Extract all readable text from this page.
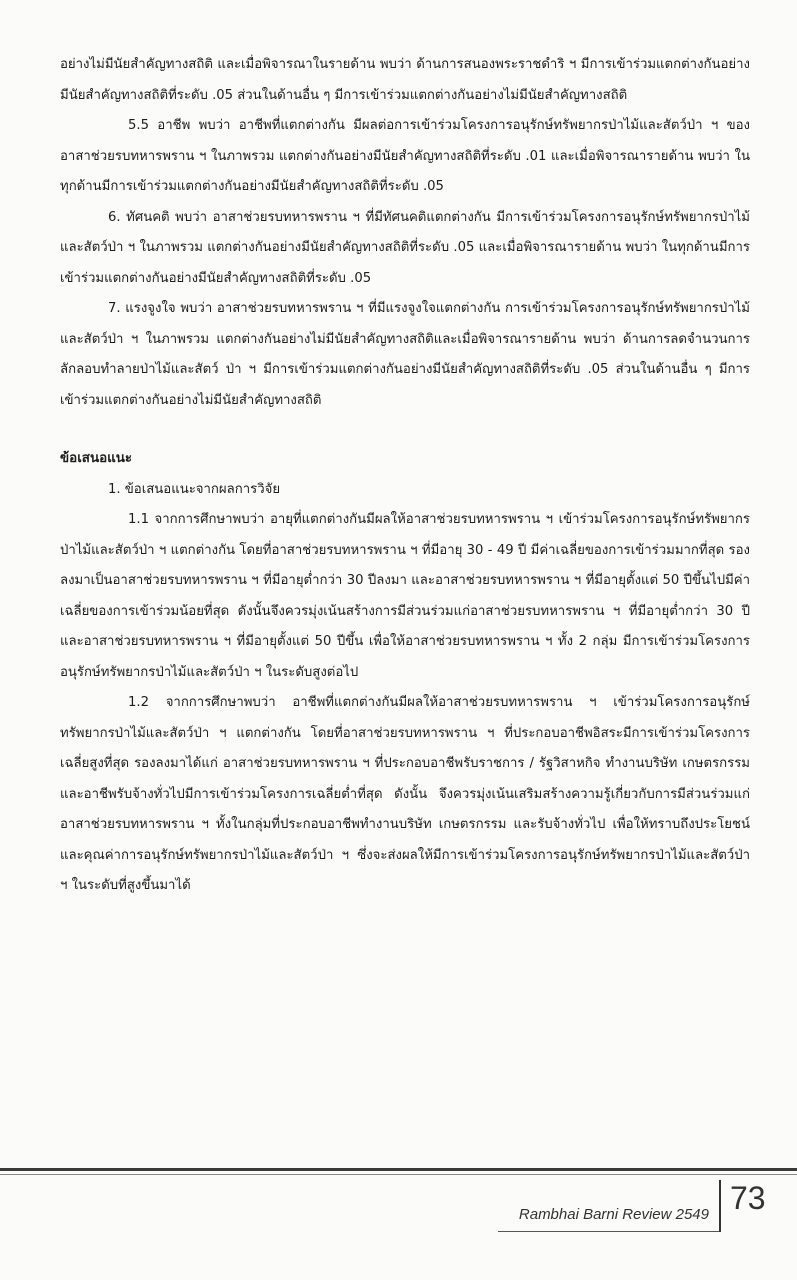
อย่างไม่มีนัยสำคัญทางสถิติ และเมื่อพิจารณาในรายด้าน พบว่า ด้านการสนองพระราชดำริ ฯ มีการเข้าร่วมแตกต่างกันอย่างมีนัยสำคัญทางสถิติที่ระดับ .05 ส่วนในด้านอื่น ๆ มีการเข้าร่วมแตกต่างกันอย่างไม่มีนัยสำคัญทางสถิติ

5.5 อาชีพ พบว่า อาชีพที่แตกต่างกัน มีผลต่อการเข้าร่วมโครงการอนุรักษ์ทรัพยากรป่าไม้และสัตว์ป่า ฯ ของอาสาช่วยรบทหารพราน ฯ ในภาพรวม แตกต่างกันอย่างมีนัยสำคัญทางสถิติที่ระดับ .01 และเมื่อพิจารณารายด้าน พบว่า ในทุกด้านมีการเข้าร่วมแตกต่างกันอย่างมีนัยสำคัญทางสถิติที่ระดับ .05

6. ทัศนคติ พบว่า อาสาช่วยรบทหารพราน ฯ ที่มีทัศนคติแตกต่างกัน มีการเข้าร่วมโครงการอนุรักษ์ทรัพยากรป่าไม้และสัตว์ป่า ฯ ในภาพรวม แตกต่างกันอย่างมีนัยสำคัญทางสถิติที่ระดับ .05 และเมื่อพิจารณารายด้าน พบว่า ในทุกด้านมีการเข้าร่วมแตกต่างกันอย่างมีนัยสำคัญทางสถิติที่ระดับ .05

7. แรงจูงใจ พบว่า อาสาช่วยรบทหารพราน ฯ ที่มีแรงจูงใจแตกต่างกัน การเข้าร่วมโครงการอนุรักษ์ทรัพยากรป่าไม้และสัตว์ป่า ฯ ในภาพรวม แตกต่างกันอย่างไม่มีนัยสำคัญทางสถิติและเมื่อพิจารณารายด้าน พบว่า ด้านการลดจำนวนการลักลอบทำลายป่าไม้และสัตว์ ป่า ฯ มีการเข้าร่วมแตกต่างกันอย่างมีนัยสำคัญทางสถิติที่ระดับ .05 ส่วนในด้านอื่น ๆ มีการเข้าร่วมแตกต่างกันอย่างไม่มีนัยสำคัญทางสถิติ

ข้อเสนอแนะ

1. ข้อเสนอแนะจากผลการวิจัย

1.1 จากการศึกษาพบว่า อายุที่แตกต่างกันมีผลให้อาสาช่วยรบทหารพราน ฯ เข้าร่วมโครงการอนุรักษ์ทรัพยากรป่าไม้และสัตว์ป่า ฯ แตกต่างกัน โดยที่อาสาช่วยรบทหารพราน ฯ ที่มีอายุ 30 - 49 ปี มีค่าเฉลี่ยของการเข้าร่วมมากที่สุด รองลงมาเป็นอาสาช่วยรบทหารพราน ฯ ที่มีอายุต่ำกว่า 30 ปีลงมา และอาสาช่วยรบทหารพราน ฯ ที่มีอายุตั้งแต่ 50 ปีขึ้นไปมีค่าเฉลี่ยของการเข้าร่วมน้อยที่สุด ดังนั้นจึงควรมุ่งเน้นสร้างการมีส่วนร่วมแก่อาสาช่วยรบทหารพราน ฯ ที่มีอายุต่ำกว่า 30 ปี และอาสาช่วยรบทหารพราน ฯ ที่มีอายุตั้งแต่ 50 ปีขึ้น เพื่อให้อาสาช่วยรบทหารพราน ฯ ทั้ง 2 กลุ่ม มีการเข้าร่วมโครงการอนุรักษ์ทรัพยากรป่าไม้และสัตว์ป่า ฯ ในระดับสูงต่อไป

1.2 จากการศึกษาพบว่า อาชีพที่แตกต่างกันมีผลให้อาสาช่วยรบทหารพราน ฯ เข้าร่วมโครงการอนุรักษ์ทรัพยากรป่าไม้และสัตว์ป่า ฯ แตกต่างกัน โดยที่อาสาช่วยรบทหารพราน ฯ ที่ประกอบอาชีพอิสระมีการเข้าร่วมโครงการเฉลี่ยสูงที่สุด รองลงมาได้แก่ อาสาช่วยรบทหารพราน ฯ ที่ประกอบอาชีพรับราชการ / รัฐวิสาหกิจ ทำงานบริษัท เกษตรกรรม และอาชีพรับจ้างทั่วไปมีการเข้าร่วมโครงการเฉลี่ยต่ำที่สุด ดังนั้น จึงควรมุ่งเน้นเสริมสร้างความรู้เกี่ยวกับการมีส่วนร่วมแก่อาสาช่วยรบทหารพราน ฯ ทั้งในกลุ่มที่ประกอบอาชีพทำงานบริษัท เกษตรกรรม และรับจ้างทั่วไป เพื่อให้ทราบถึงประโยชน์และคุณค่าการอนุรักษ์ทรัพยากรป่าไม้และสัตว์ป่า ฯ ซึ่งจะส่งผลให้มีการเข้าร่วมโครงการอนุรักษ์ทรัพยากรป่าไม้และสัตว์ป่า ฯ ในระดับที่สูงขึ้นมาได้

Rambhai Barni Review 2549 73
